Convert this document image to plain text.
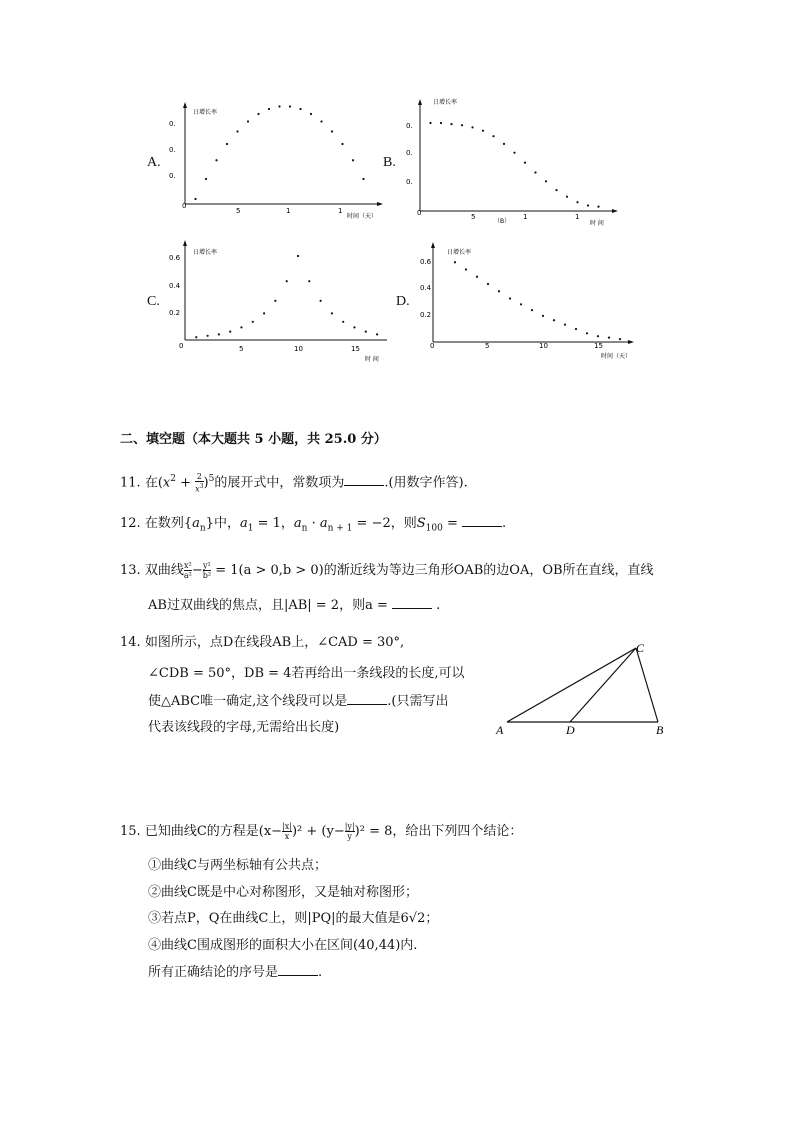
A.	B.
C.	D.
日增长率
0.
0.
0.
0
5	1	1
时间（天）
日增长率
0.
0.
0.
0	5	1	1
（B）	时 间
日增长率
0.6
0.4
0.2
0	5	10	15
时 间
日增长率
0.6
0.4
0.2
0	5	10	15
时间（天）
二、填空题（本大题共 5 小题，共 25.0 分）
11. 在$(x^2 + \frac{2}{x^3} )^5$的展开式中，常数项为	.(用数字作答).
12. 在数列$\{a_n\}$中，$a_1 = 1$，$a_n \cdot a_{n + 1} = -2$，则$S_{100}$ =	.
13. 双曲线 $\frac{\text{x²}}{\text{a²}} - \frac{\text{y²}}{\text{b²}} = 1(a > 0,b > 0)$的渐近线为等边三角形OAB的边OA，OB所在直线，直线
AB过双曲线的焦点，且|AB| = 2，则a =	.
14. 如图所示，点D在线段AB上，∠CAD = 30°,
∠CDB = 50°，DB = 4若再给出一条线段的长度,可以
使△ABC唯一确定,这个线段可以是	.(只需写出
代表该线段的字母,无需给出长度)	A	D	B
C
15. 已知曲线C的方程是$(x- \frac{|x|}{x} )^2 + (y- \frac{|y|}{y} )^2 = 8$，给出下列四个结论：
①曲线C与两坐标轴有公共点；
②曲线C既是中心对称图形，又是轴对称图形；
③若点P，Q在曲线C上，则|PQ|的最大值是6√2；
④曲线C围成图形的面积大小在区间(40,44)内.
所有正确结论的序号是	.
